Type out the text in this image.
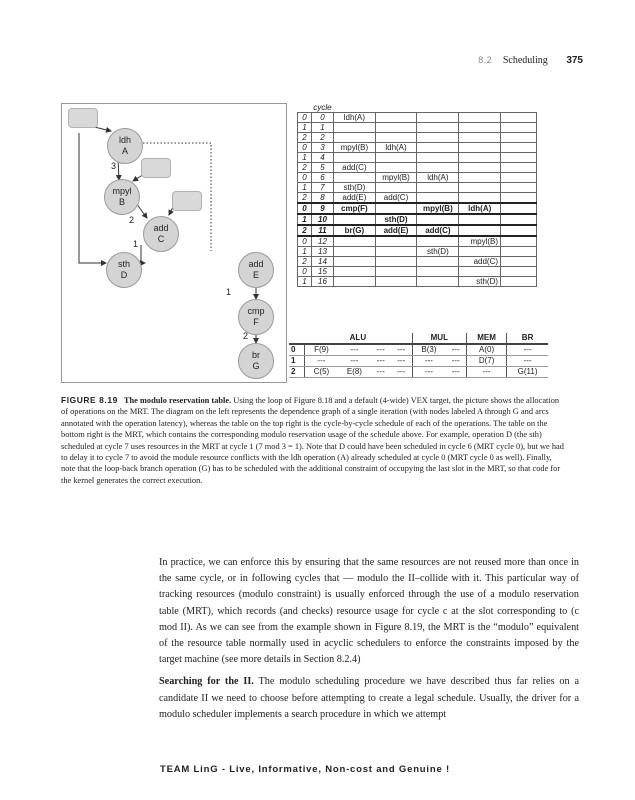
8.2 Scheduling 375
ldh
A
mpyl
B
add
C
sth
D
add
E
cmp
F
br
G
3
2
1
1
2
	cycle					
0	0	ldh(A)				
1	1					
2	2					
0	3	mpyl(B)	ldh(A)			
1	4					
2	5	add(C)				
0	6		mpyl(B)	ldh(A)		
1	7	sth(D)				
2	8	add(E)	add(C)			
0	9	cmp(F)		mpyl(B)	ldh(A)	
1	10		sth(D)			
2	11	br(G)	add(E)	add(C)		
0	12				mpyl(B)	
1	13			sth(D)		
2	14				add(C)	
0	15					
1	16				sth(D)	
	ALU				MUL		MEM	BR
0	F(9)	---	---	---	B(3)	---	A(0)	---
1	---	---	---	---	---	---	D(7)	---
2	C(5)	E(8)	---	---	---	---	---	G(11)
FIGURE 8.19 The modulo reservation table. Using the loop of Figure 8.18 and a default (4-wide) VEX target, the picture shows the allocation of operations on the MRT. The diagram on the left represents the dependence graph of a single iteration (with nodes labeled A through G and arcs annotated with the operation latency), whereas the table on the top right is the cycle-by-cycle schedule of each of the operations. The table on the bottom right is the MRT, which contains the corresponding modulo reservation usage of the schedule above. For example, operation D (the sth) scheduled at cycle 7 uses resources in the MRT at cycle 1 (7 mod 3 = 1). Note that D could have been scheduled in cycle 6 (MRT cycle 0), but we had to delay it to cycle 7 to avoid the module resource conflicts with the ldh operation (A) already scheduled at cycle 0 (MRT cycle 0 as well). Finally, note that the loop-back branch operation (G) has to be scheduled with the additional constraint of occupying the last slot in the MRT, so that code for the kernel generates the correct execution.

In practice, we can enforce this by ensuring that the same resources are not reused more than once in the same cycle, or in following cycles that — modulo the II–collide with it. This particular way of tracking resources (modulo constraint) is usually enforced through the use of a modulo reservation table (MRT), which records (and checks) resource usage for cycle c at the slot corresponding to (c mod II). As we can see from the example shown in Figure 8.19, the MRT is the “modulo” equivalent of the resource table normally used in acyclic schedulers to enforce the constraints imposed by the target machine (see more details in Section 8.2.4)

Searching for the II. The modulo scheduling procedure we have described thus far relies on a candidate II we need to choose before attempting to create a legal schedule. Usually, the driver for a modulo scheduler implements a search procedure in which we attempt

TEAM LinG - Live, Informative, Non-cost and Genuine !
